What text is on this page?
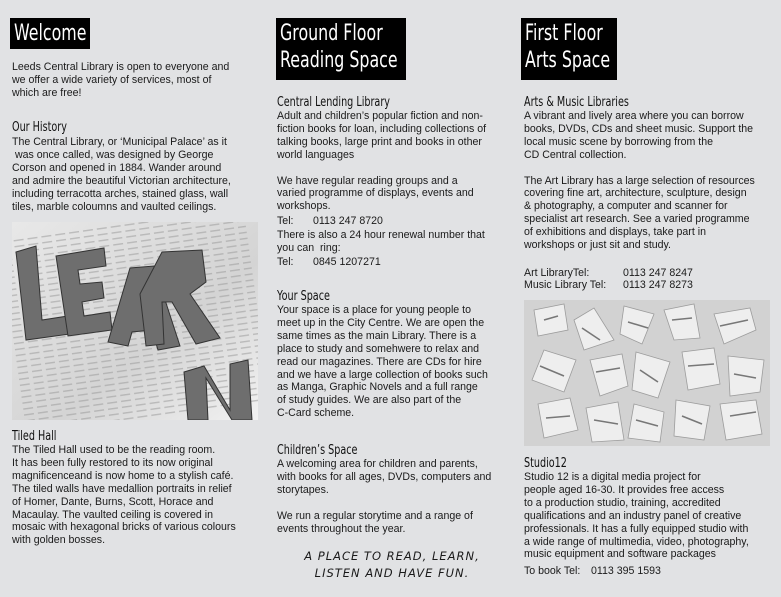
Welcome
Leeds Central Library is open to everyone and
we offer a wide variety of services, most of
which are free!
Our History
The Central Library, or ‘Municipal Palace’ as it
was once called, was designed by George
Corson and opened in 1884. Wander around
and admire the beautiful Victorian architecture,
including terracotta arches, stained glass, wall
tiles, marble coloumns and vaulted ceilings.
Tiled Hall
The Tiled Hall used to be the reading room.
It has been fully restored to its now original
magnificenceand is now home to a stylish café.
The tiled walls have medallion portraits in relief
of Homer, Dante, Burns, Scott, Horace and
Macaulay. The vaulted ceiling is covered in
mosaic with hexagonal bricks of various colours
with golden bosses.
Ground Floor
Reading Space
Central Lending Library
Adult and children’s popular fiction and non-
fiction books for loan, including collections of
talking books, large print and books in other
world languages

We have regular reading groups and a
varied programme of displays, events and
workshops.
Tel:	0113 247 8720
There is also a 24 hour renewal number that
you can  ring:
Tel:	0845 1207271
Your Space
Your space is a place for young people to
meet up in the City Centre. We are open the
same times as the main Library. There is a
place to study and somehwere to relax and
read our magazines. There are CDs for hire
and we have a large collection of books such
as Manga, Graphic Novels and a full range
of study guides. We are also part of the
C-Card scheme.
Children’s Space
A welcoming area for children and parents,
with books for all ages, DVDs, computers and
storytapes.

We run a regular storytime and a range of
events throughout the year.
A PLACE TO READ, LEARN,
LISTEN AND HAVE FUN.
First Floor
Arts Space
Arts & Music Libraries
A vibrant and lively area where you can borrow
books, DVDs, CDs and sheet music. Support the
local music scene by borrowing from the
CD Central collection.

The Art Library has a large selection of resources
covering fine art, architecture, sculpture, design
& photography, a computer and scanner for
specialist art research. See a varied programme
of exhibitions and displays, take part in
workshops or just sit and study.
Art LibraryTel:	0113 247 8247
Music Library Tel:	0113 247 8273
Studio12
Studio 12 is a digital media project for
people aged 16-30. It provides free access
to a production studio, training, accredited
qualifications and an industry panel of creative
professionals. It has a fully equipped studio with
a wide range of multimedia, video, photography,
music equipment and software packages
To book Tel:	0113 395 1593
